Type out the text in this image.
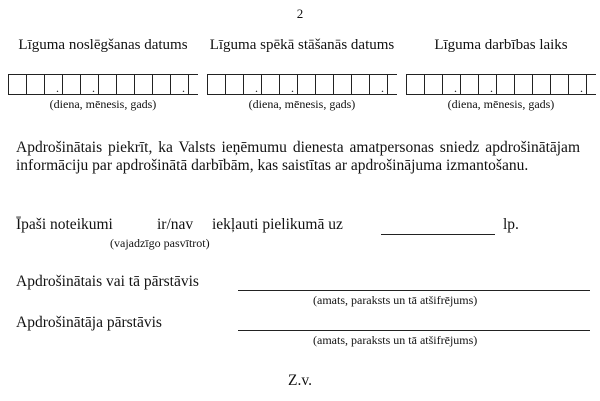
2
Līguma noslēgšanas datums
.	.	.
(diena, mēnesis, gads)
Līguma spēkā stāšanās datums
.	.	.
(diena, mēnesis, gads)
Līguma darbības laiks
.	.	.
(diena, mēnesis, gads)
Apdrošinātais piekrīt, ka Valsts ieņēmumu dienesta amatpersonas sniedz apdrošinātājam informāciju par apdrošinātā darbībām, kas saistītas ar apdrošinājuma izmantošanu.
Īpaši noteikumi	ir/nav iekļauti pielikumā uz	lp.
(vajadzīgo pasvītrot)
Apdrošinātais vai tā pārstāvis
(amats, paraksts un tā atšifrējums)
Apdrošinātāja pārstāvis
(amats, paraksts un tā atšifrējums)
Z.v.
